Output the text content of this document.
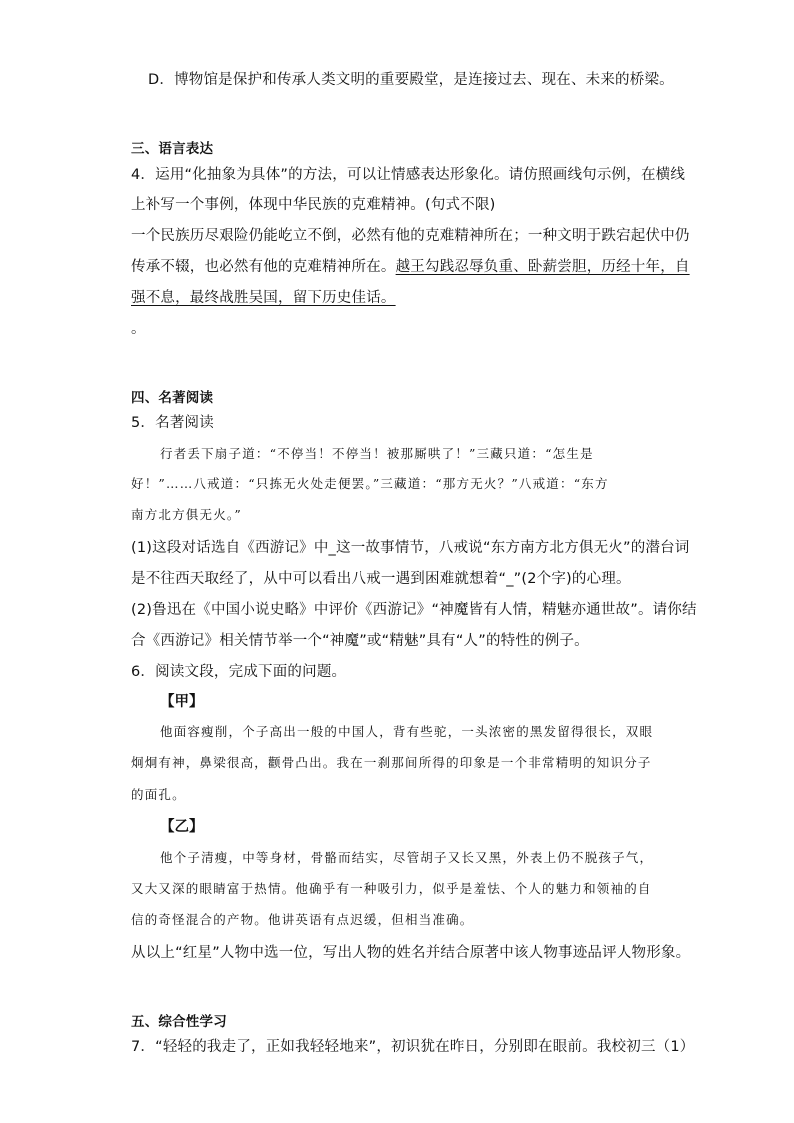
D．博物馆是保护和传承人类文明的重要殿堂，是连接过去、现在、未来的桥梁。
三、语言表达
4．运用“化抽象为具体”的方法，可以让情感表达形象化。请仿照画线句示例，在横线
上补写一个事例，体现中华民族的克难精神。(句式不限)
一个民族历尽艰险仍能屹立不倒，必然有他的克难精神所在；一种文明于跌宕起伏中仍
传承不辍，也必然有他的克难精神所在。越王勾践忍辱负重、卧薪尝胆，历经十年，自
强不息，最终战胜吴国，留下历史佳话。
。
四、名著阅读
5．名著阅读
行者丢下扇子道：“不停当！不停当！被那厮哄了！”三藏只道：“怎生是
好！”……八戒道：“只拣无火处走便罢。”三藏道：“那方无火？”八戒道：“东方
南方北方俱无火。”
(1)这段对话选自《西游记》中_这一故事情节，八戒说“东方南方北方俱无火”的潜台词
是不往西天取经了，从中可以看出八戒一遇到困难就想着“_”(2个字)的心理。
(2)鲁迅在《中国小说史略》中评价《西游记》“神魔皆有人情，精魅亦通世故”。请你结
合《西游记》相关情节举一个“神魔”或“精魅”具有“人”的特性的例子。
6．阅读文段，完成下面的问题。
【甲】
他面容瘦削，个子高出一般的中国人，背有些驼，一头浓密的黑发留得很长，双眼
炯炯有神，鼻梁很高，颧骨凸出。我在一刹那间所得的印象是一个非常精明的知识分子
的面孔。
【乙】
他个子清瘦，中等身材，骨骼而结实，尽管胡子又长又黑，外表上仍不脱孩子气，
又大又深的眼睛富于热情。他确乎有一种吸引力，似乎是羞怯、个人的魅力和领袖的自
信的奇怪混合的产物。他讲英语有点迟缓，但相当准确。
从以上“红星”人物中选一位，写出人物的姓名并结合原著中该人物事迹品评人物形象。
五、综合性学习
7．“轻轻的我走了，正如我轻轻地来”，初识犹在昨日，分别即在眼前。我校初三（1）
